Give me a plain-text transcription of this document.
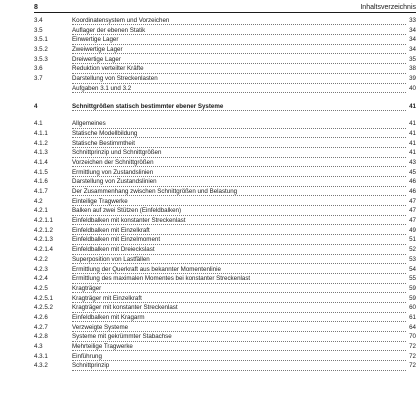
8	Inhaltsverzeichnis
3.4	Koordinatensystem und Vorzeichen	33
3.5	Auflager der ebenen Statik	34
3.5.1	Einwertige Lager	34
3.5.2	Zweiwertige Lager	34
3.5.3	Dreiwertige Lager	35
3.6	Reduktion verteilter Kräfte	38
3.7	Darstellung von Streckenlasten	39
Aufgaben 3.1 und 3.2	40
4	Schnittgrößen statisch bestimmter ebener Systeme	41
4.1	Allgemeines	41
4.1.1	Statische Modellbildung	41
4.1.2	Statische Bestimmtheit	41
4.1.3	Schnittprinzip und Schnittgrößen	41
4.1.4	Vorzeichen der Schnittgrößen	43
4.1.5	Ermittlung von Zustandslinien	45
4.1.6	Darstellung von Zustandslinien	46
4.1.7	Der Zusammenhang zwischen Schnittgrößen und Belastung	46
4.2	Einteilige Tragwerke	47
4.2.1	Balken auf zwei Stützen (Einfeldbalken)	47
4.2.1.1	Einfeldbalken mit konstanter Streckenlast	47
4.2.1.2	Einfeldbalken mit Einzelkraft	49
4.2.1.3	Einfeldbalken mit Einzelmoment	51
4.2.1.4	Einfeldbalken mit Dreieckslast	52
4.2.2	Superposition von Lastfällen	53
4.2.3	Ermittlung der Querkraft aus bekannter Momentenlinie	54
4.2.4	Ermittlung des maximalen Momentes bei konstanter Streckenlast	55
4.2.5	Kragträger	59
4.2.5.1	Kragträger mit Einzelkraft	59
4.2.5.2	Kragträger mit konstanter Streckenlast	60
4.2.6	Einfeldbalken mit Kragarm	61
4.2.7	Verzweigte Systeme	64
4.2.8	Systeme mit gekrümmter Stabachse	70
4.3	Mehrteilige Tragwerke	72
4.3.1	Einführung	72
4.3.2	Schnittprinzip	72
